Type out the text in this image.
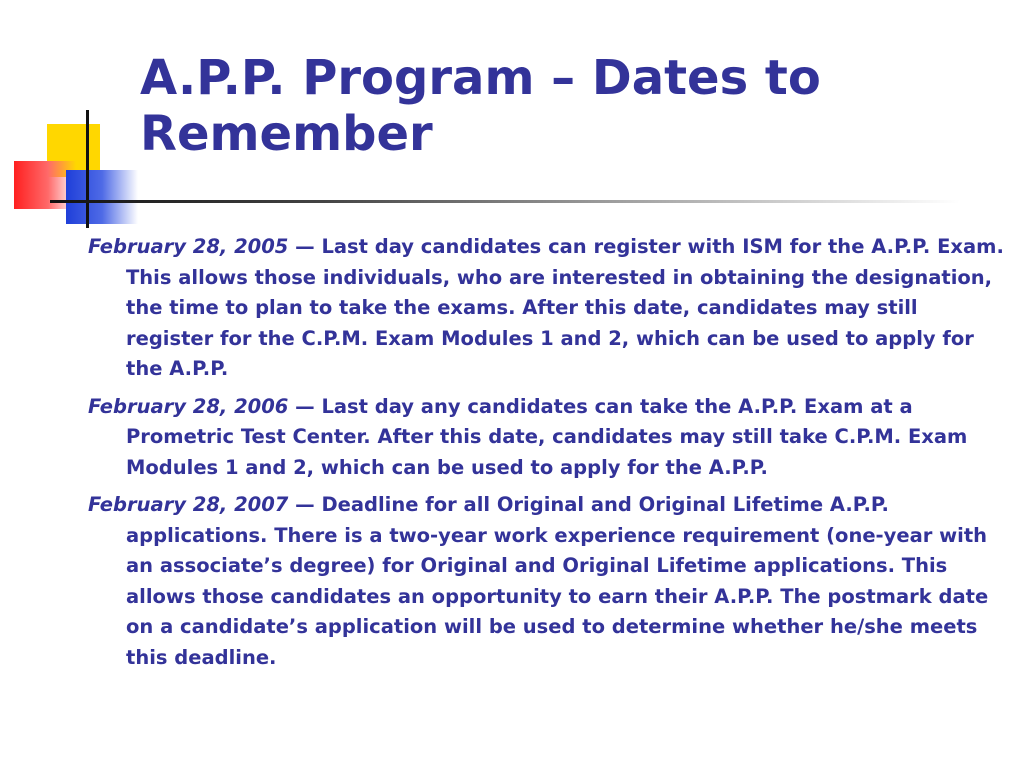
A.P.P. Program – Dates to Remember
February 28, 2005 — Last day candidates can register with ISM for the A.P.P. Exam. This allows those individuals, who are interested in obtaining the designation, the time to plan to take the exams. After this date, candidates may still register for the C.P.M. Exam Modules 1 and 2, which can be used to apply for the A.P.P.
February 28, 2006 — Last day any candidates can take the A.P.P. Exam at a Prometric Test Center. After this date, candidates may still take C.P.M. Exam Modules 1 and 2, which can be used to apply for the A.P.P.
February 28, 2007 — Deadline for all Original and Original Lifetime A.P.P. applications. There is a two-year work experience requirement (one-year with an associate’s degree) for Original and Original Lifetime applications. This allows those candidates an opportunity to earn their A.P.P. The postmark date on a candidate’s application will be used to determine whether he/she meets this deadline.
